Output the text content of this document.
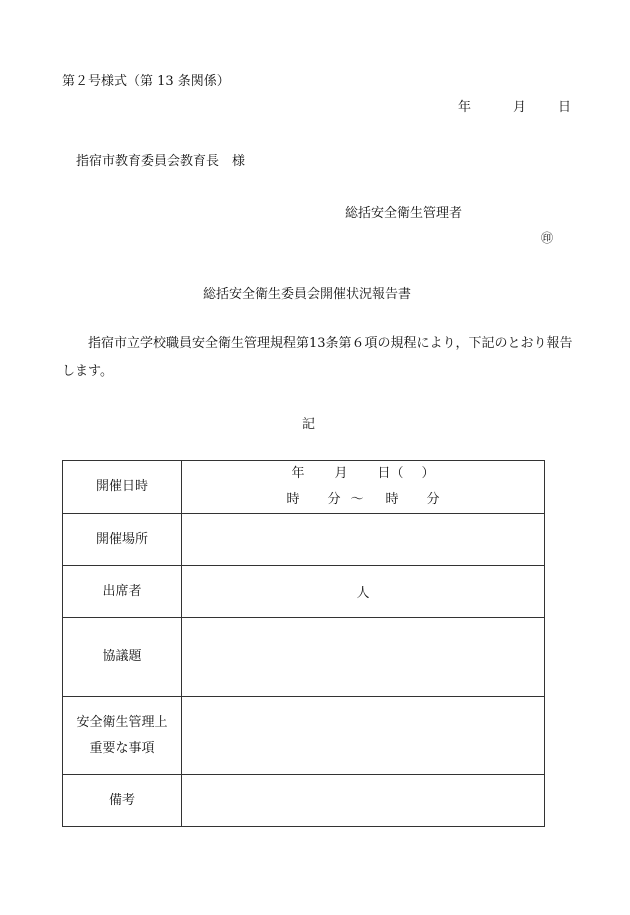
第２号様式（第 13 条関係）
年	月 日
指宿市教育委員会教育長　様
総括安全衛生管理者
㊞
総括安全衛生委員会開催状況報告書
指宿市立学校職員安全衛生管理規程第13条第６項の規程により，下記のとおり報告します。
記
開催日時	年 月 日（ ）
時 分 ～ 時 分

開催場所	
出席者	人
協議題	

安全衛生管理上
重要な事項	

備考	
